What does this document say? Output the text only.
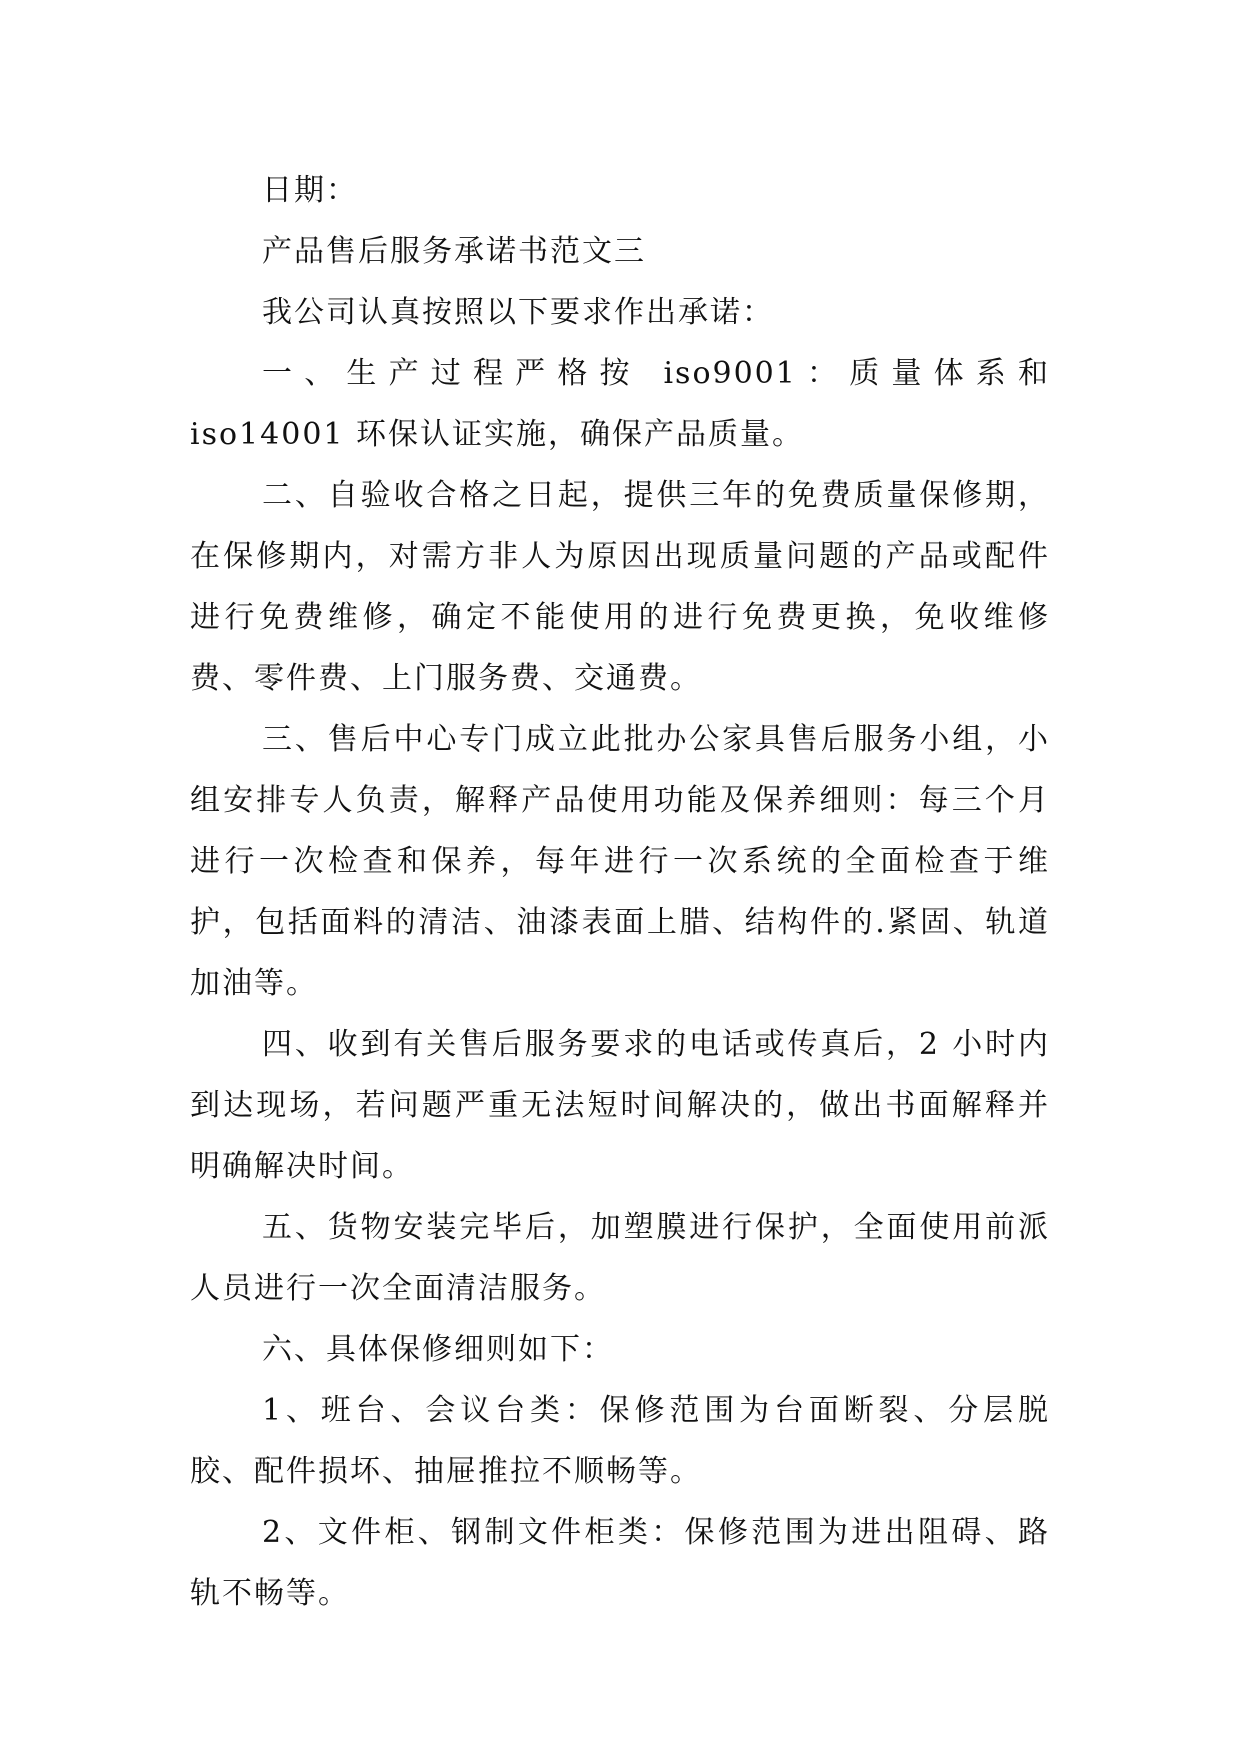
日期：

产品售后服务承诺书范文三

我公司认真按照以下要求作出承诺：

一、生产过程严格按 iso9001：质量体系和 iso14001 环保认证实施，确保产品质量。

二、自验收合格之日起，提供三年的免费质量保修期，在保修期内，对需方非人为原因出现质量问题的产品或配件进行免费维修，确定不能使用的进行免费更换，免收维修费、零件费、上门服务费、交通费。

三、售后中心专门成立此批办公家具售后服务小组，小组安排专人负责，解释产品使用功能及保养细则：每三个月进行一次检查和保养，每年进行一次系统的全面检查于维护，包括面料的清洁、油漆表面上腊、结构件的.紧固、轨道加油等。

四、收到有关售后服务要求的电话或传真后，2 小时内到达现场，若问题严重无法短时间解决的，做出书面解释并明确解决时间。

五、货物安装完毕后，加塑膜进行保护，全面使用前派人员进行一次全面清洁服务。

六、具体保修细则如下：

1、班台、会议台类：保修范围为台面断裂、分层脱胶、配件损坏、抽屉推拉不顺畅等。

2、文件柜、钢制文件柜类：保修范围为进出阻碍、路轨不畅等。
